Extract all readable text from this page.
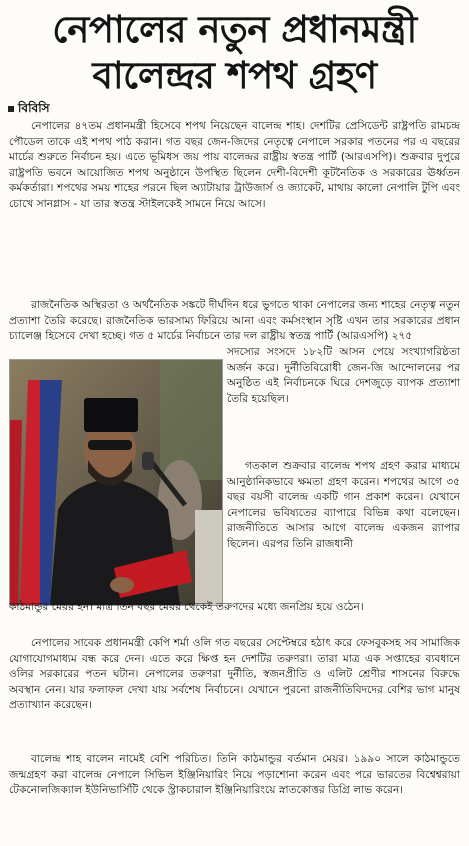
নেপালের নতুন প্রধানমন্ত্রী
বালেন্দ্রর শপথ গ্রহণ
বিবিসি

নেপালের ৪৭তম প্রধানমন্ত্রী হিসেবে শপথ নিয়েছেন বালেন্দ্র শাহ। দেশটির প্রেসিডেন্ট রাষ্ট্রপতি রামচন্দ্র পৌডেল তাকে এই শপথ পাঠ করান। গত বছর জেন-জিদের নেতৃত্বে নেপালে সরকার পতনের পর এ বছরের মার্চের শুরুতে নির্বাচন হয়। এতে ভূমিধস জয় পায় বালেন্দ্রর রাষ্ট্রীয় স্বতন্ত্র পার্টি (আরএসপি)। শুক্রবার দুপুরে রাষ্ট্রপতি ভবনে আয়োজিত শপথ অনুষ্ঠানে উপস্থিত ছিলেন দেশী-বিদেশী কূটনৈতিক ও সরকারের ঊর্ধ্বতন কর্মকর্তারা। শপথের সময় শাহের পরনে ছিল অ্যাটায়ার ট্রাউজার্স ও জ্যাকেট, মাথায় কালো নেপালি টুপি এবং চোখে সানগ্লাস - যা তার স্বতন্ত্র স্টাইলকেই সামনে নিয়ে আসে।

রাজনৈতিক অস্থিরতা ও অর্থনৈতিক সঙ্কটে দীর্ঘদিন ধরে ভুগতে থাকা নেপালের জন্য শাহের নেতৃত্ব নতুন প্রত্যাশা তৈরি করেছে। রাজনৈতিক ভারসাম্য ফিরিয়ে আনা এবং কর্মসংস্থান সৃষ্টি এখন তার সরকারের প্রধান চ্যালেঞ্জ হিসেবে দেখা হচ্ছে। গত ৫ মার্চের নির্বাচনে তার দল রাষ্ট্রীয় স্বতন্ত্র পার্টি (আরএসপি) ২৭৫

সদস্যের সংসদে ১৮২টি আসন পেয়ে সংখ্যাগরিষ্ঠতা অর্জন করে। দুর্নীতিবিরোধী জেন-জি আন্দোলনের পর অনুষ্ঠিত এই নির্বাচনকে ঘিরে দেশজুড়ে ব্যাপক প্রত্যাশা তৈরি হয়েছিল।

গতকাল শুক্রবার বালেন্দ্র শপথ গ্রহণ করার মাধ্যমে আনুষ্ঠানিকভাবে ক্ষমতা গ্রহণ করেন। শপথের আগে ৩৫ বছর বয়সী বালেন্দ্র একটি গান প্রকাশ করেন। যেখানে নেপালের ভবিষ্যতের ব্যাপারে বিভিন্ন কথা বলেছেন। রাজনীতিতে আসার আগে বালেন্দ্র একজন র‍্যাপার ছিলেন। এরপর তিনি রাজধানী

কাঠমান্ডুর মেয়র হন। মাত্র তিন বছর মেয়র থেকেই তরুণদের মধ্যে জনপ্রিয় হয়ে ওঠেন।

নেপালের সাবেক প্রধানমন্ত্রী কেপি শর্মা ওলি গত বছরের সেপ্টেম্বরে হঠাৎ করে ফেসবুকসহ সব সামাজিক যোগাযোগমাধ্যম বন্ধ করে দেন। এতে করে ক্ষিপ্ত হন দেশটির তরুণরা। তারা মাত্র এক সপ্তাহের ব্যবধানে ওলির সরকারের পতন ঘটান। নেপালের তরুণরা দুর্নীতি, স্বজনপ্রীতি ও এলিট শ্রেণীর শাসনের বিরুদ্ধে অবস্থান নেন। যার ফলাফল দেখা যায় সর্বশেষ নির্বাচনে। যেখানে পুরনো রাজনীতিবিদদের বেশির ভাগ মানুষ প্রত্যাখ্যান করেছেন।

বালেন্দ্র শাহ বালেন নামেই বেশি পরিচিত। তিনি কাঠমান্ডুর বর্তমান মেয়র। ১৯৯০ সালে কাঠমান্ডুতে জন্মগ্রহণ করা বালেন্দ্র নেপালে সিভিল ইঞ্জিনিয়ারিং নিয়ে পড়াশোনা করেন এবং পরে ভারতের বিশ্বেশ্বরায়া টেকনোলজিক্যাল ইউনিভার্সিটি থেকে স্ট্রাকচারাল ইঞ্জিনিয়ারিংয়ে স্নাতকোত্তর ডিগ্রি লাভ করেন।
